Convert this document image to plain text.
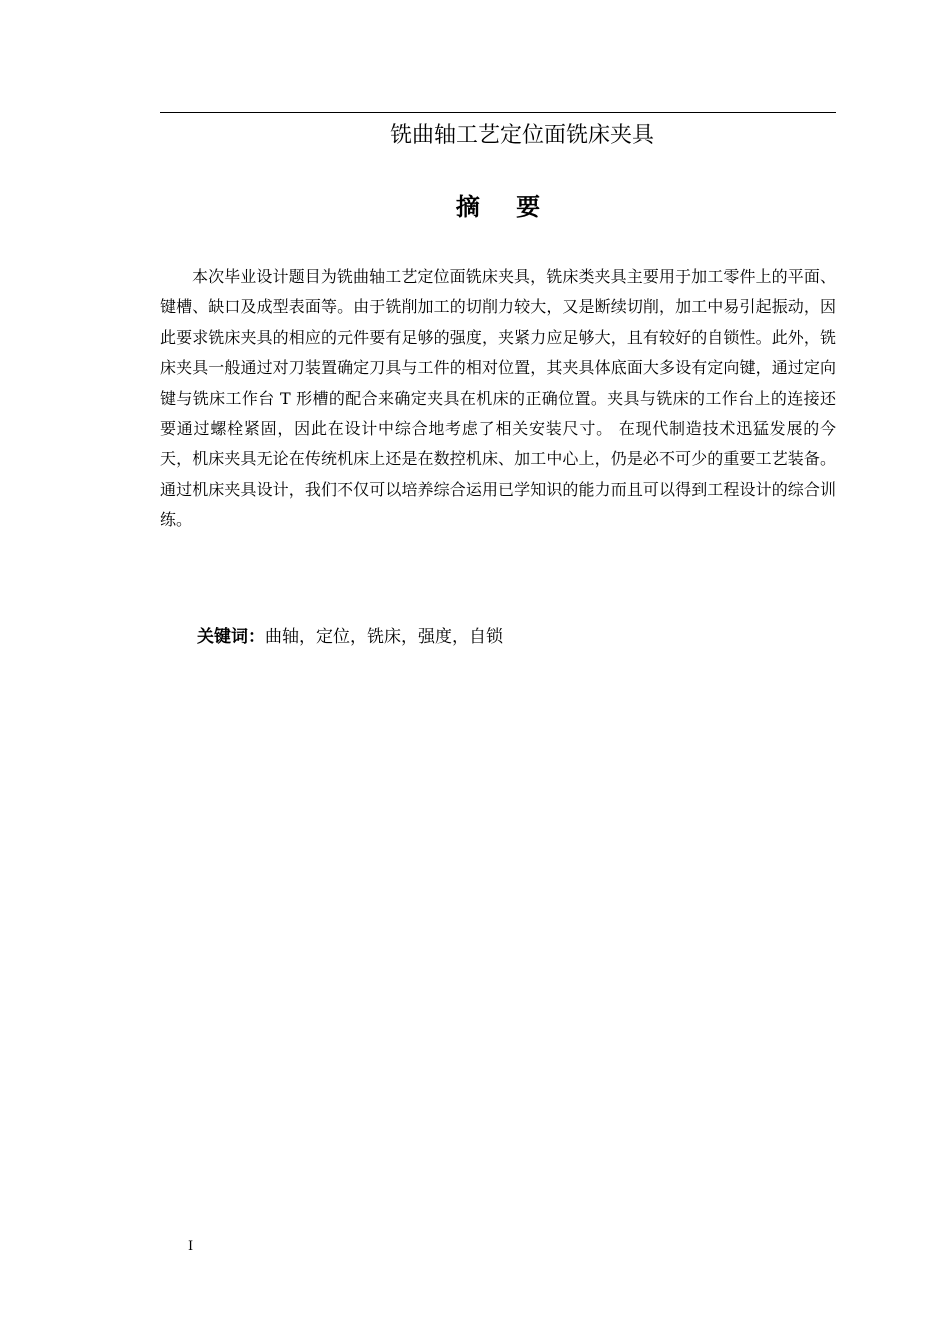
铣曲轴工艺定位面铣床夹具
摘 要

本次毕业设计题目为铣曲轴工艺定位面铣床夹具，铣床类夹具主要用于加工零件上的平面、键槽、缺口及成型表面等。由于铣削加工的切削力较大，又是断续切削，加工中易引起振动，因此要求铣床夹具的相应的元件要有足够的强度，夹紧力应足够大，且有较好的自锁性。此外，铣床夹具一般通过对刀装置确定刀具与工件的相对位置，其夹具体底面大多设有定向键，通过定向键与铣床工作台 T 形槽的配合来确定夹具在机床的正确位置。夹具与铣床的工作台上的连接还要通过螺栓紧固，因此在设计中综合地考虑了相关安装尺寸。 在现代制造技术迅猛发展的今天，机床夹具无论在传统机床上还是在数控机床、加工中心上，仍是必不可少的重要工艺装备。通过机床夹具设计，我们不仅可以培养综合运用已学知识的能力而且可以得到工程设计的综合训练。

关键词：曲轴，定位，铣床，强度，自锁

I
